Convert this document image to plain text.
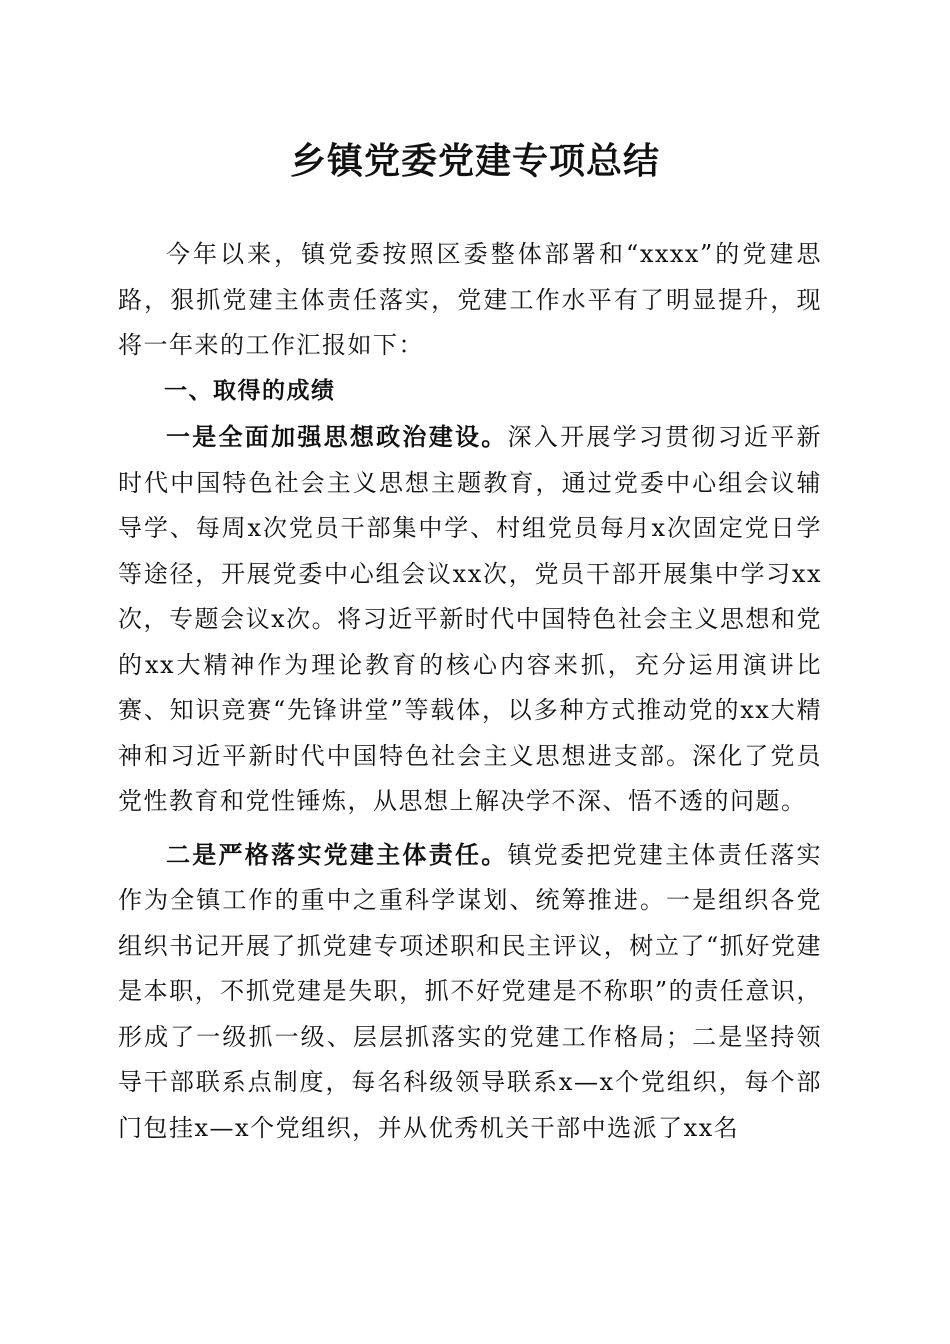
乡镇党委党建专项总结

今年以来，镇党委按照区委整体部署和“xxxx”的党建思路，狠抓党建主体责任落实，党建工作水平有了明显提升，现将一年来的工作汇报如下：

一、取得的成绩

一是全面加强思想政治建设。深入开展学习贯彻习近平新时代中国特色社会主义思想主题教育，通过党委中心组会议辅导学、每周x次党员干部集中学、村组党员每月x次固定党日学等途径，开展党委中心组会议xx次，党员干部开展集中学习xx次，专题会议x次。将习近平新时代中国特色社会主义思想和党的xx大精神作为理论教育的核心内容来抓，充分运用演讲比赛、知识竞赛“先锋讲堂”等载体，以多种方式推动党的xx大精神和习近平新时代中国特色社会主义思想进支部。深化了党员党性教育和党性锤炼，从思想上解决学不深、悟不透的问题。

二是严格落实党建主体责任。镇党委把党建主体责任落实作为全镇工作的重中之重科学谋划、统筹推进。一是组织各党组织书记开展了抓党建专项述职和民主评议，树立了“抓好党建是本职，不抓党建是失职，抓不好党建是不称职”的责任意识，形成了一级抓一级、层层抓落实的党建工作格局；二是坚持领导干部联系点制度，每名科级领导联系x—x个党组织，每个部门包挂x—x个党组织，并从优秀机关干部中选派了xx名
